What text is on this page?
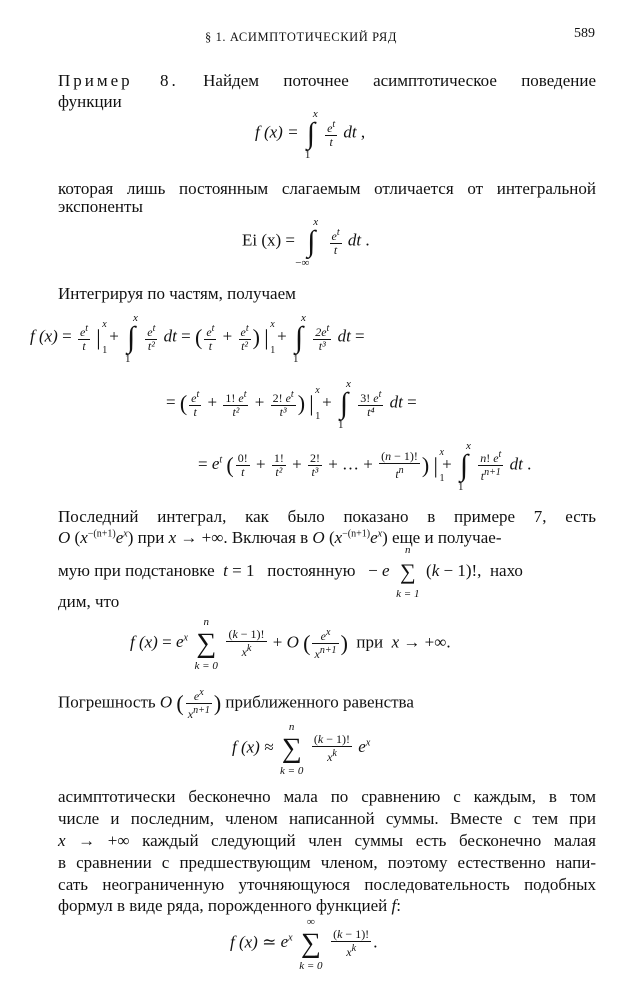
§ 1. АСИМПТОТИЧЕСКИЙ РЯД	589
Пример 8. Найдем поточнее асимптотическое поведение
функции
f (x) = ∫
x
1

$\frac{e^t}{t}$ dt ,
которая лишь постоянным слагаемым отличается от интегральной
экспоненты
Ei (x) = ∫
x
−∞

$\frac{e^t}{t}$ dt .
Интегрируя по частям, получаем
f $(x) = \frac{e^t}{t}$ |
x
1
+ ∫
x
1

$\frac{e^t}{\text{t²}}$ dt = ( $\frac{e^t}{t} + \frac{e^t}{\text{t²}}$ ) |
x
1
+ ∫
x
1

$\frac{2e^t}{\text{t³}}$ dt =
= ( $\frac{e^t}{t} + \frac{1! e^t}{\text{t²}} + \frac{2! e^t}{\text{t³}}$ ) |
x
1
+ ∫
x
1

$\frac{3! e^t}{\text{t⁴}}$ dt =
= $e^t$ ( $\frac{0!}{t} + \frac{1!}{\text{t²}} + \frac{2!}{\text{t³}}$ + … + $\frac{(n - 1)!}{t^n}$ ) |
x
1
+ ∫
x
1

$\frac{n! e^t}{t^{n+1}}$ dt .
Последний интеграл, как было показано в примере 7, есть
O $(x^{-(n+1)}e^x)$ при x → +∞. Включая в O $(x^{-(n+1)}e^x)$ еще и получае-
мую при подстановке t = 1   постоянную   − e ∑
n
k = 1
(k − 1)!,  нахо
дим, что
f $(x) = e^x$ ∑
n
k = 0

$\frac{(k - 1)!}{x^k} + O$ ( $\frac{e^x}{x^{n+1}}$ ) при x → +∞.
Погрешность O ( $\frac{e^x}{x^{n+1}}$ ) приближенного равенства
f (x) ≈ ∑
n
k = 0

$\frac{(k - 1)!}{x^k} e^x$
асимптотически бесконечно мала по сравнению с каждым, в том
числе и последним, членом написанной суммы. Вместе с тем при
x → +∞ каждый следующий член суммы есть бесконечно малая
в сравнении с предшествующим членом, поэтому естественно напи-
сать неограниченную уточняющуюся последовательность подобных
формул в виде ряда, порожденного функцией f:
f (x) ≃ $e^x$ ∑
∞
k = 0

$\frac{(k - 1)!}{x^k}$ .
